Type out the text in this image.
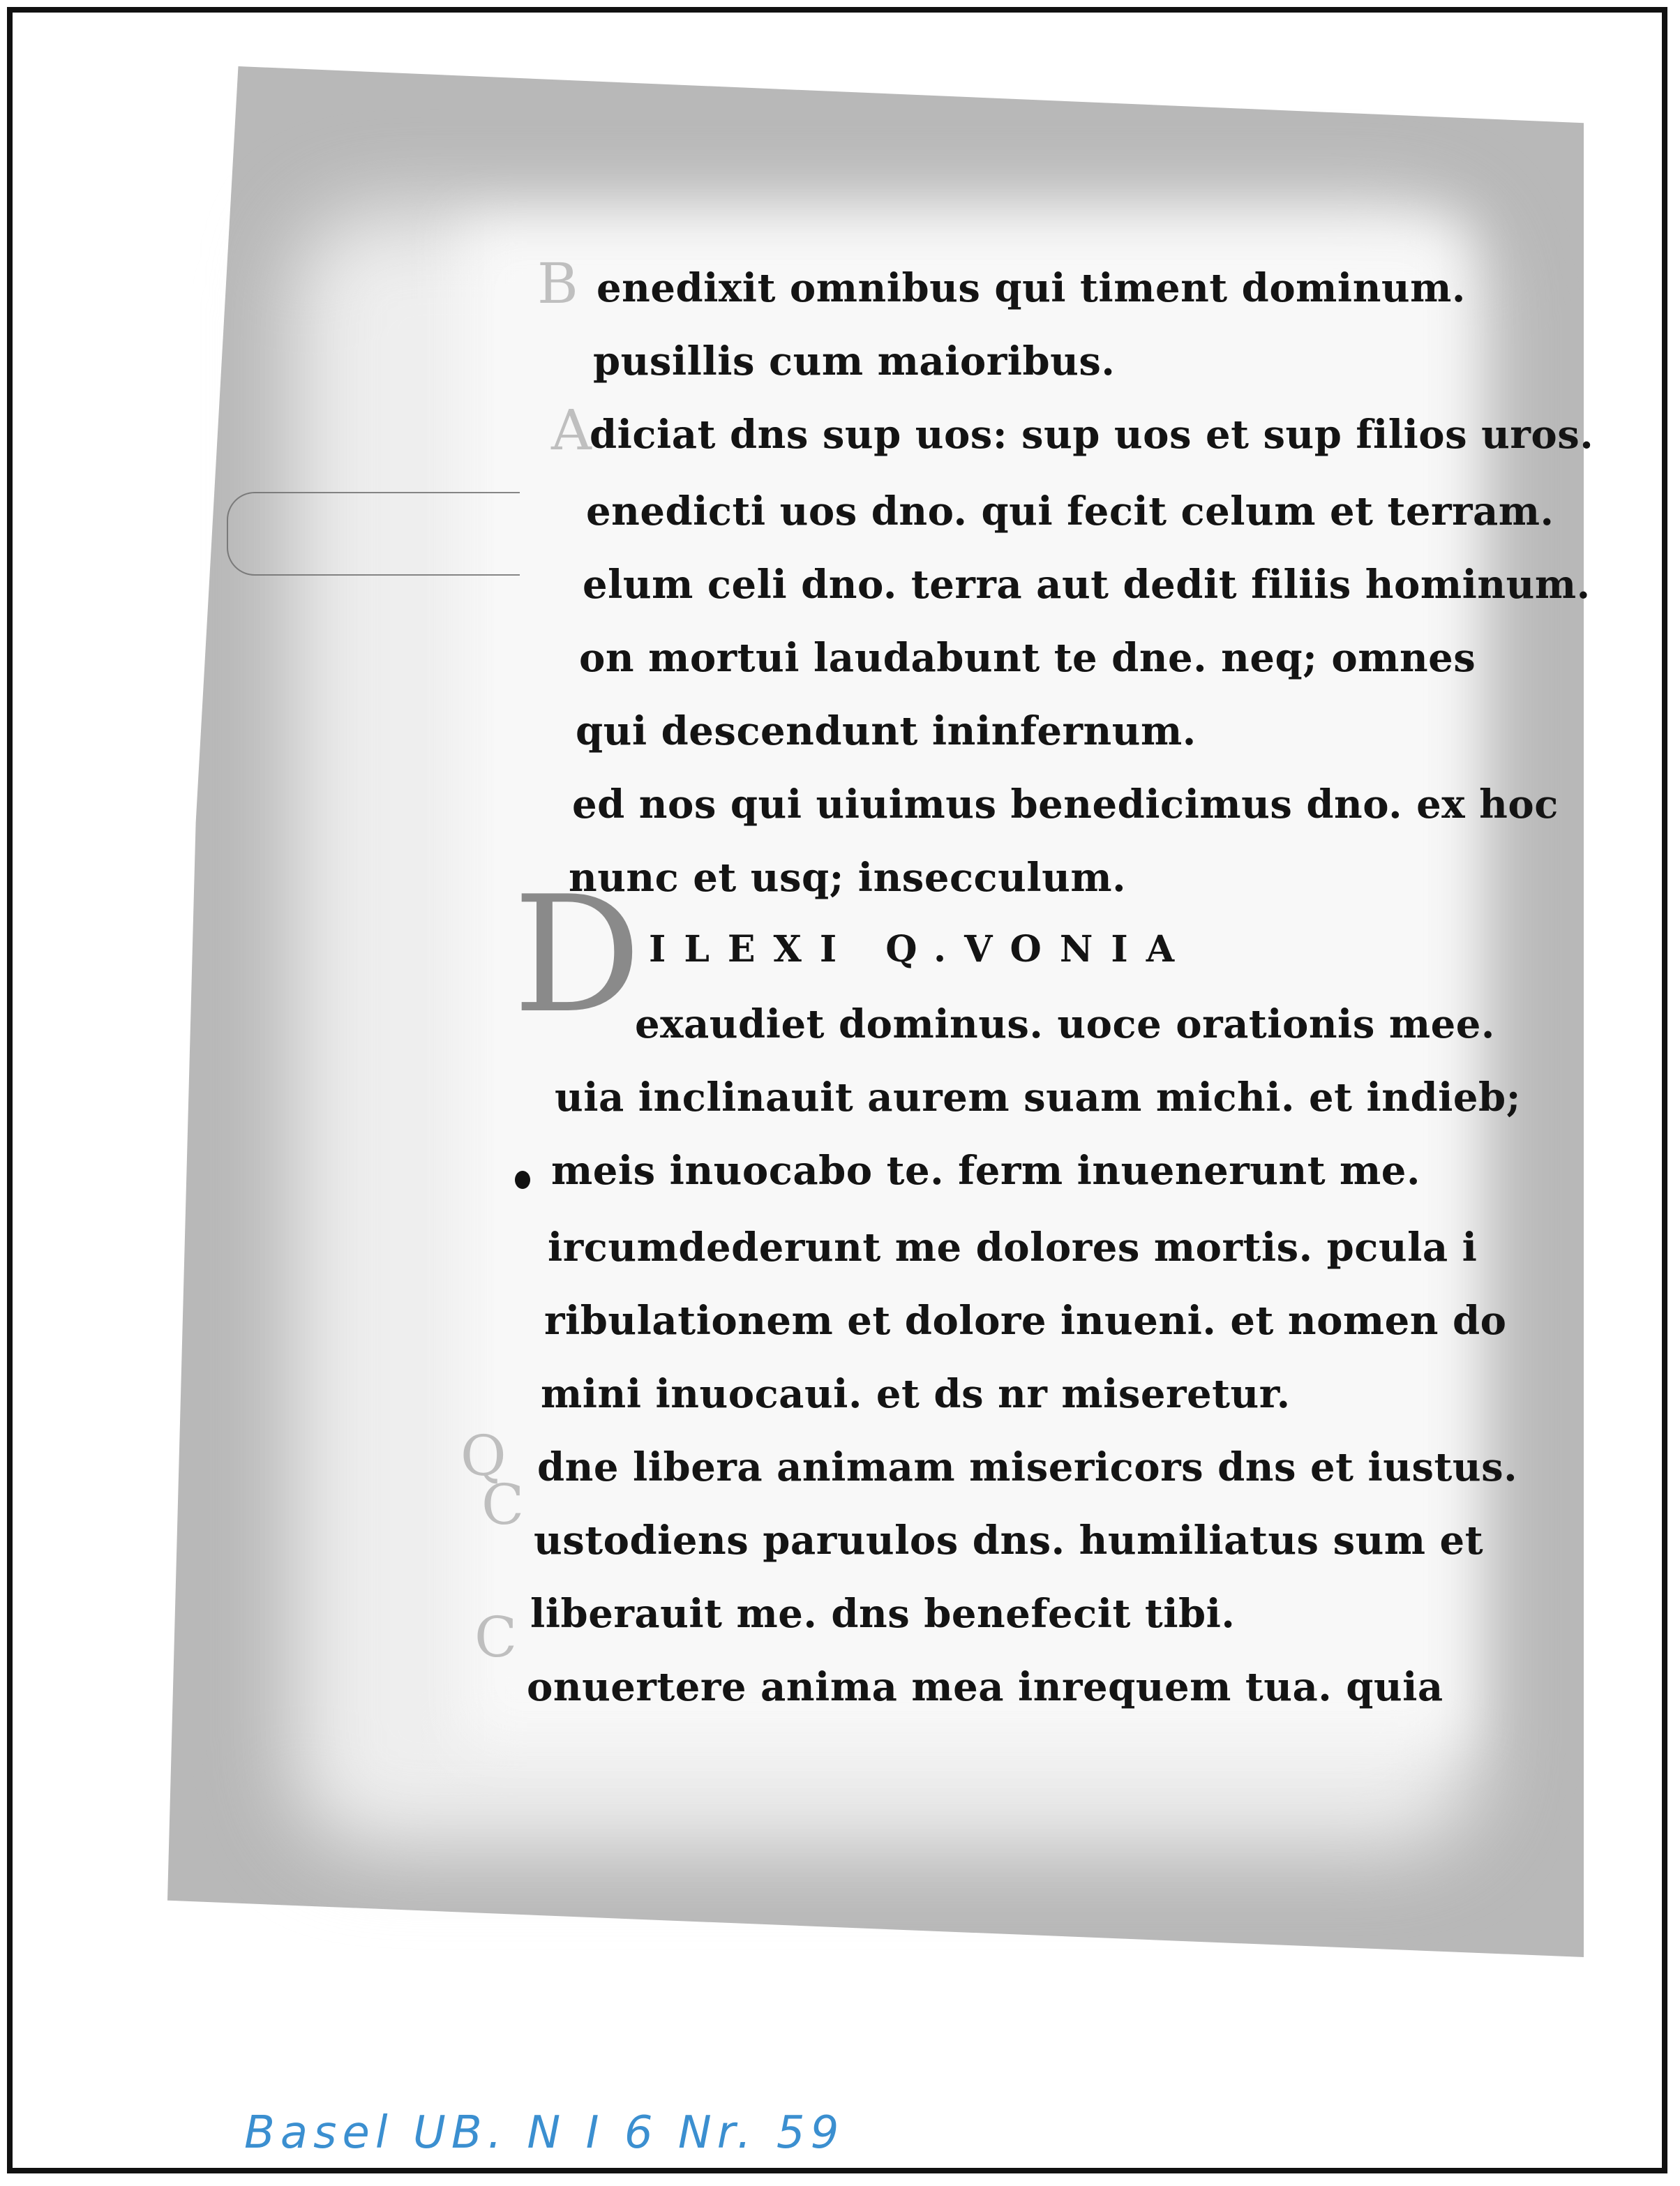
B
A
Q
C
C
D ILEXI Q.VONIA
enedixit omnibus qui timent dominum.
pusillis cum maioribus.
diciat dns sup uos: sup uos et sup filios uros.
enedicti uos dno. qui fecit celum et terram.
elum celi dno. terra aut dedit filiis hominum.
on mortui laudabunt te dne. neq; omnes
qui descendunt ininfernum.
ed nos qui uiuimus benedicimus dno. ex hoc
nunc et usq; insecculum.
exaudiet dominus. uoce orationis mee.
uia inclinauit aurem suam michi. et indieb;
meis inuocabo te. ferm inuenerunt me.
ircumdederunt me dolores mortis. pcula i
ribulationem et dolore inueni. et nomen do
mini inuocaui. et ds nr miseretur.
dne libera animam misericors dns et iustus.
ustodiens paruulos dns. humiliatus sum et
liberauit me. dns benefecit tibi.
onuertere anima mea inrequem tua. quia
Basel UB. N I 6 Nr. 59
